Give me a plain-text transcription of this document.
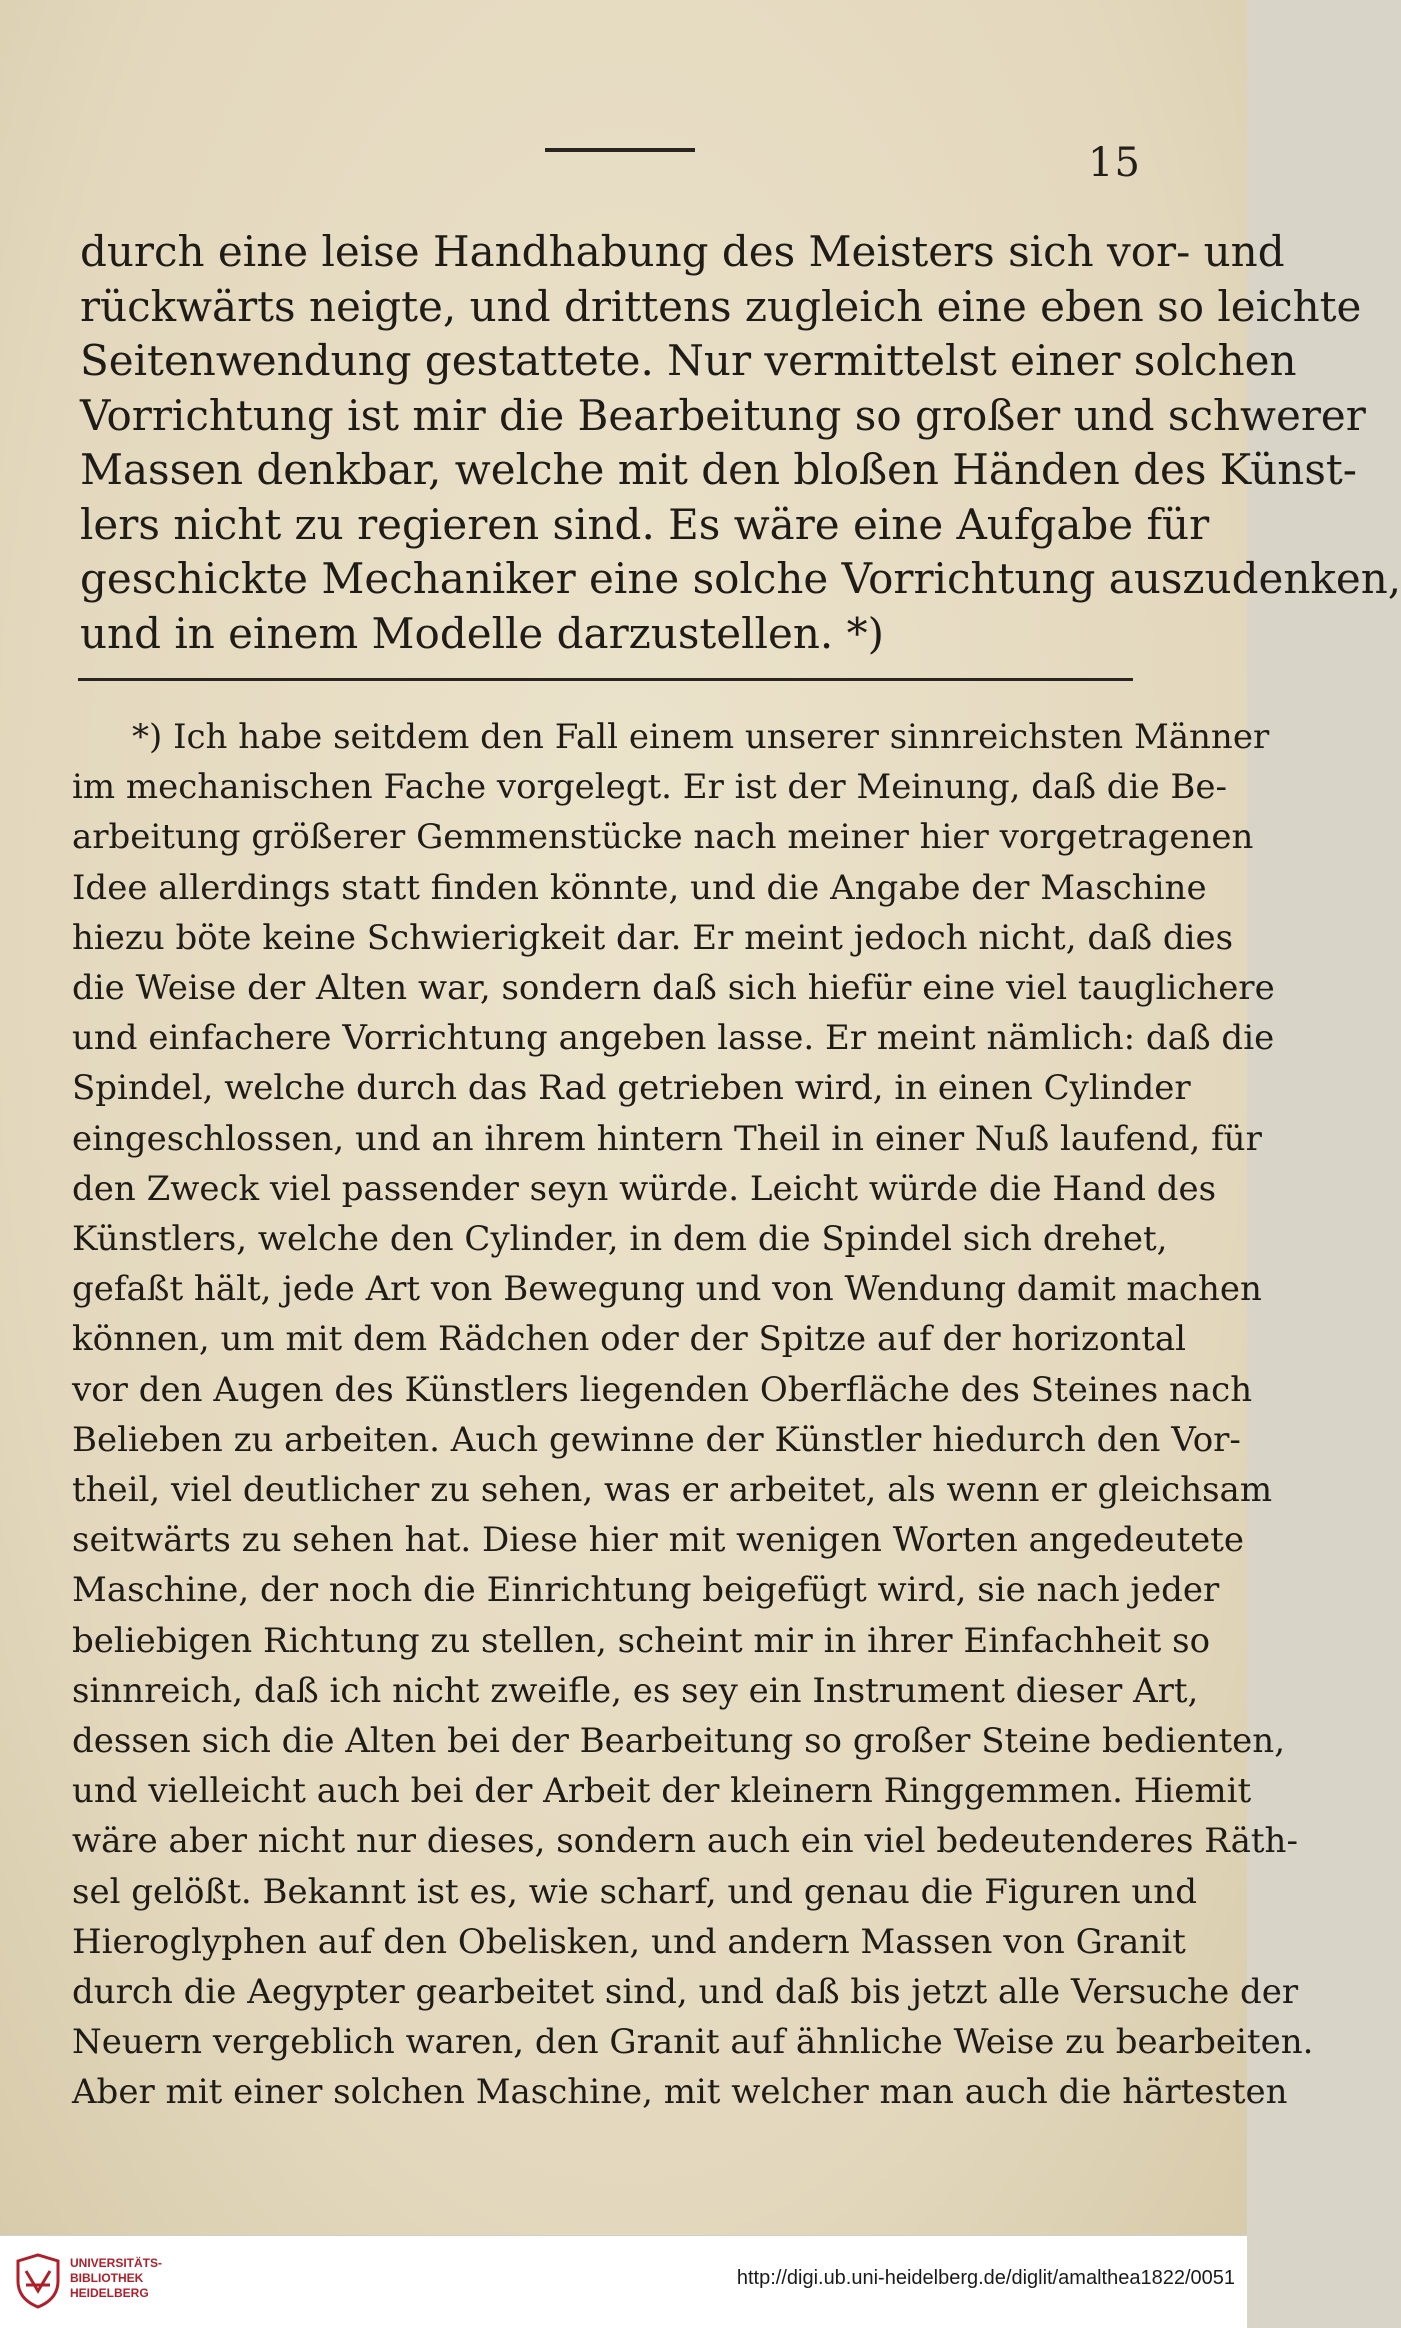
15
durch eine leise Handhabung des Meisters sich vor- und
rückwärts neigte, und drittens zugleich eine eben so leichte
Seitenwendung gestattete. Nur vermittelst einer solchen
Vorrichtung ist mir die Bearbeitung so großer und schwerer
Massen denkbar, welche mit den bloßen Händen des Künst-
lers nicht zu regieren sind. Es wäre eine Aufgabe für
geschickte Mechaniker eine solche Vorrichtung auszudenken,
und in einem Modelle darzustellen. *)
*) Ich habe seitdem den Fall einem unserer sinnreichsten Männer
im mechanischen Fache vorgelegt. Er ist der Meinung, daß die Be-
arbeitung größerer Gemmenstücke nach meiner hier vorgetragenen
Idee allerdings statt finden könnte, und die Angabe der Maschine
hiezu böte keine Schwierigkeit dar. Er meint jedoch nicht, daß dies
die Weise der Alten war, sondern daß sich hiefür eine viel tauglichere
und einfachere Vorrichtung angeben lasse. Er meint nämlich: daß die
Spindel, welche durch das Rad getrieben wird, in einen Cylinder
eingeschlossen, und an ihrem hintern Theil in einer Nuß laufend, für
den Zweck viel passender seyn würde. Leicht würde die Hand des
Künstlers, welche den Cylinder, in dem die Spindel sich drehet,
gefaßt hält, jede Art von Bewegung und von Wendung damit machen
können, um mit dem Rädchen oder der Spitze auf der horizontal
vor den Augen des Künstlers liegenden Oberfläche des Steines nach
Belieben zu arbeiten. Auch gewinne der Künstler hiedurch den Vor-
theil, viel deutlicher zu sehen, was er arbeitet, als wenn er gleichsam
seitwärts zu sehen hat. Diese hier mit wenigen Worten angedeutete
Maschine, der noch die Einrichtung beigefügt wird, sie nach jeder
beliebigen Richtung zu stellen, scheint mir in ihrer Einfachheit so
sinnreich, daß ich nicht zweifle, es sey ein Instrument dieser Art,
dessen sich die Alten bei der Bearbeitung so großer Steine bedienten,
und vielleicht auch bei der Arbeit der kleinern Ringgemmen. Hiemit
wäre aber nicht nur dieses, sondern auch ein viel bedeutenderes Räth-
sel gelößt. Bekannt ist es, wie scharf, und genau die Figuren und
Hieroglyphen auf den Obelisken, und andern Massen von Granit
durch die Aegypter gearbeitet sind, und daß bis jetzt alle Versuche der
Neuern vergeblich waren, den Granit auf ähnliche Weise zu bearbeiten.
Aber mit einer solchen Maschine, mit welcher man auch die härtesten
UNIVERSITÄTS-
BIBLIOTHEK
HEIDELBERG
http://digi.ub.uni-heidelberg.de/diglit/amalthea1822/0051
